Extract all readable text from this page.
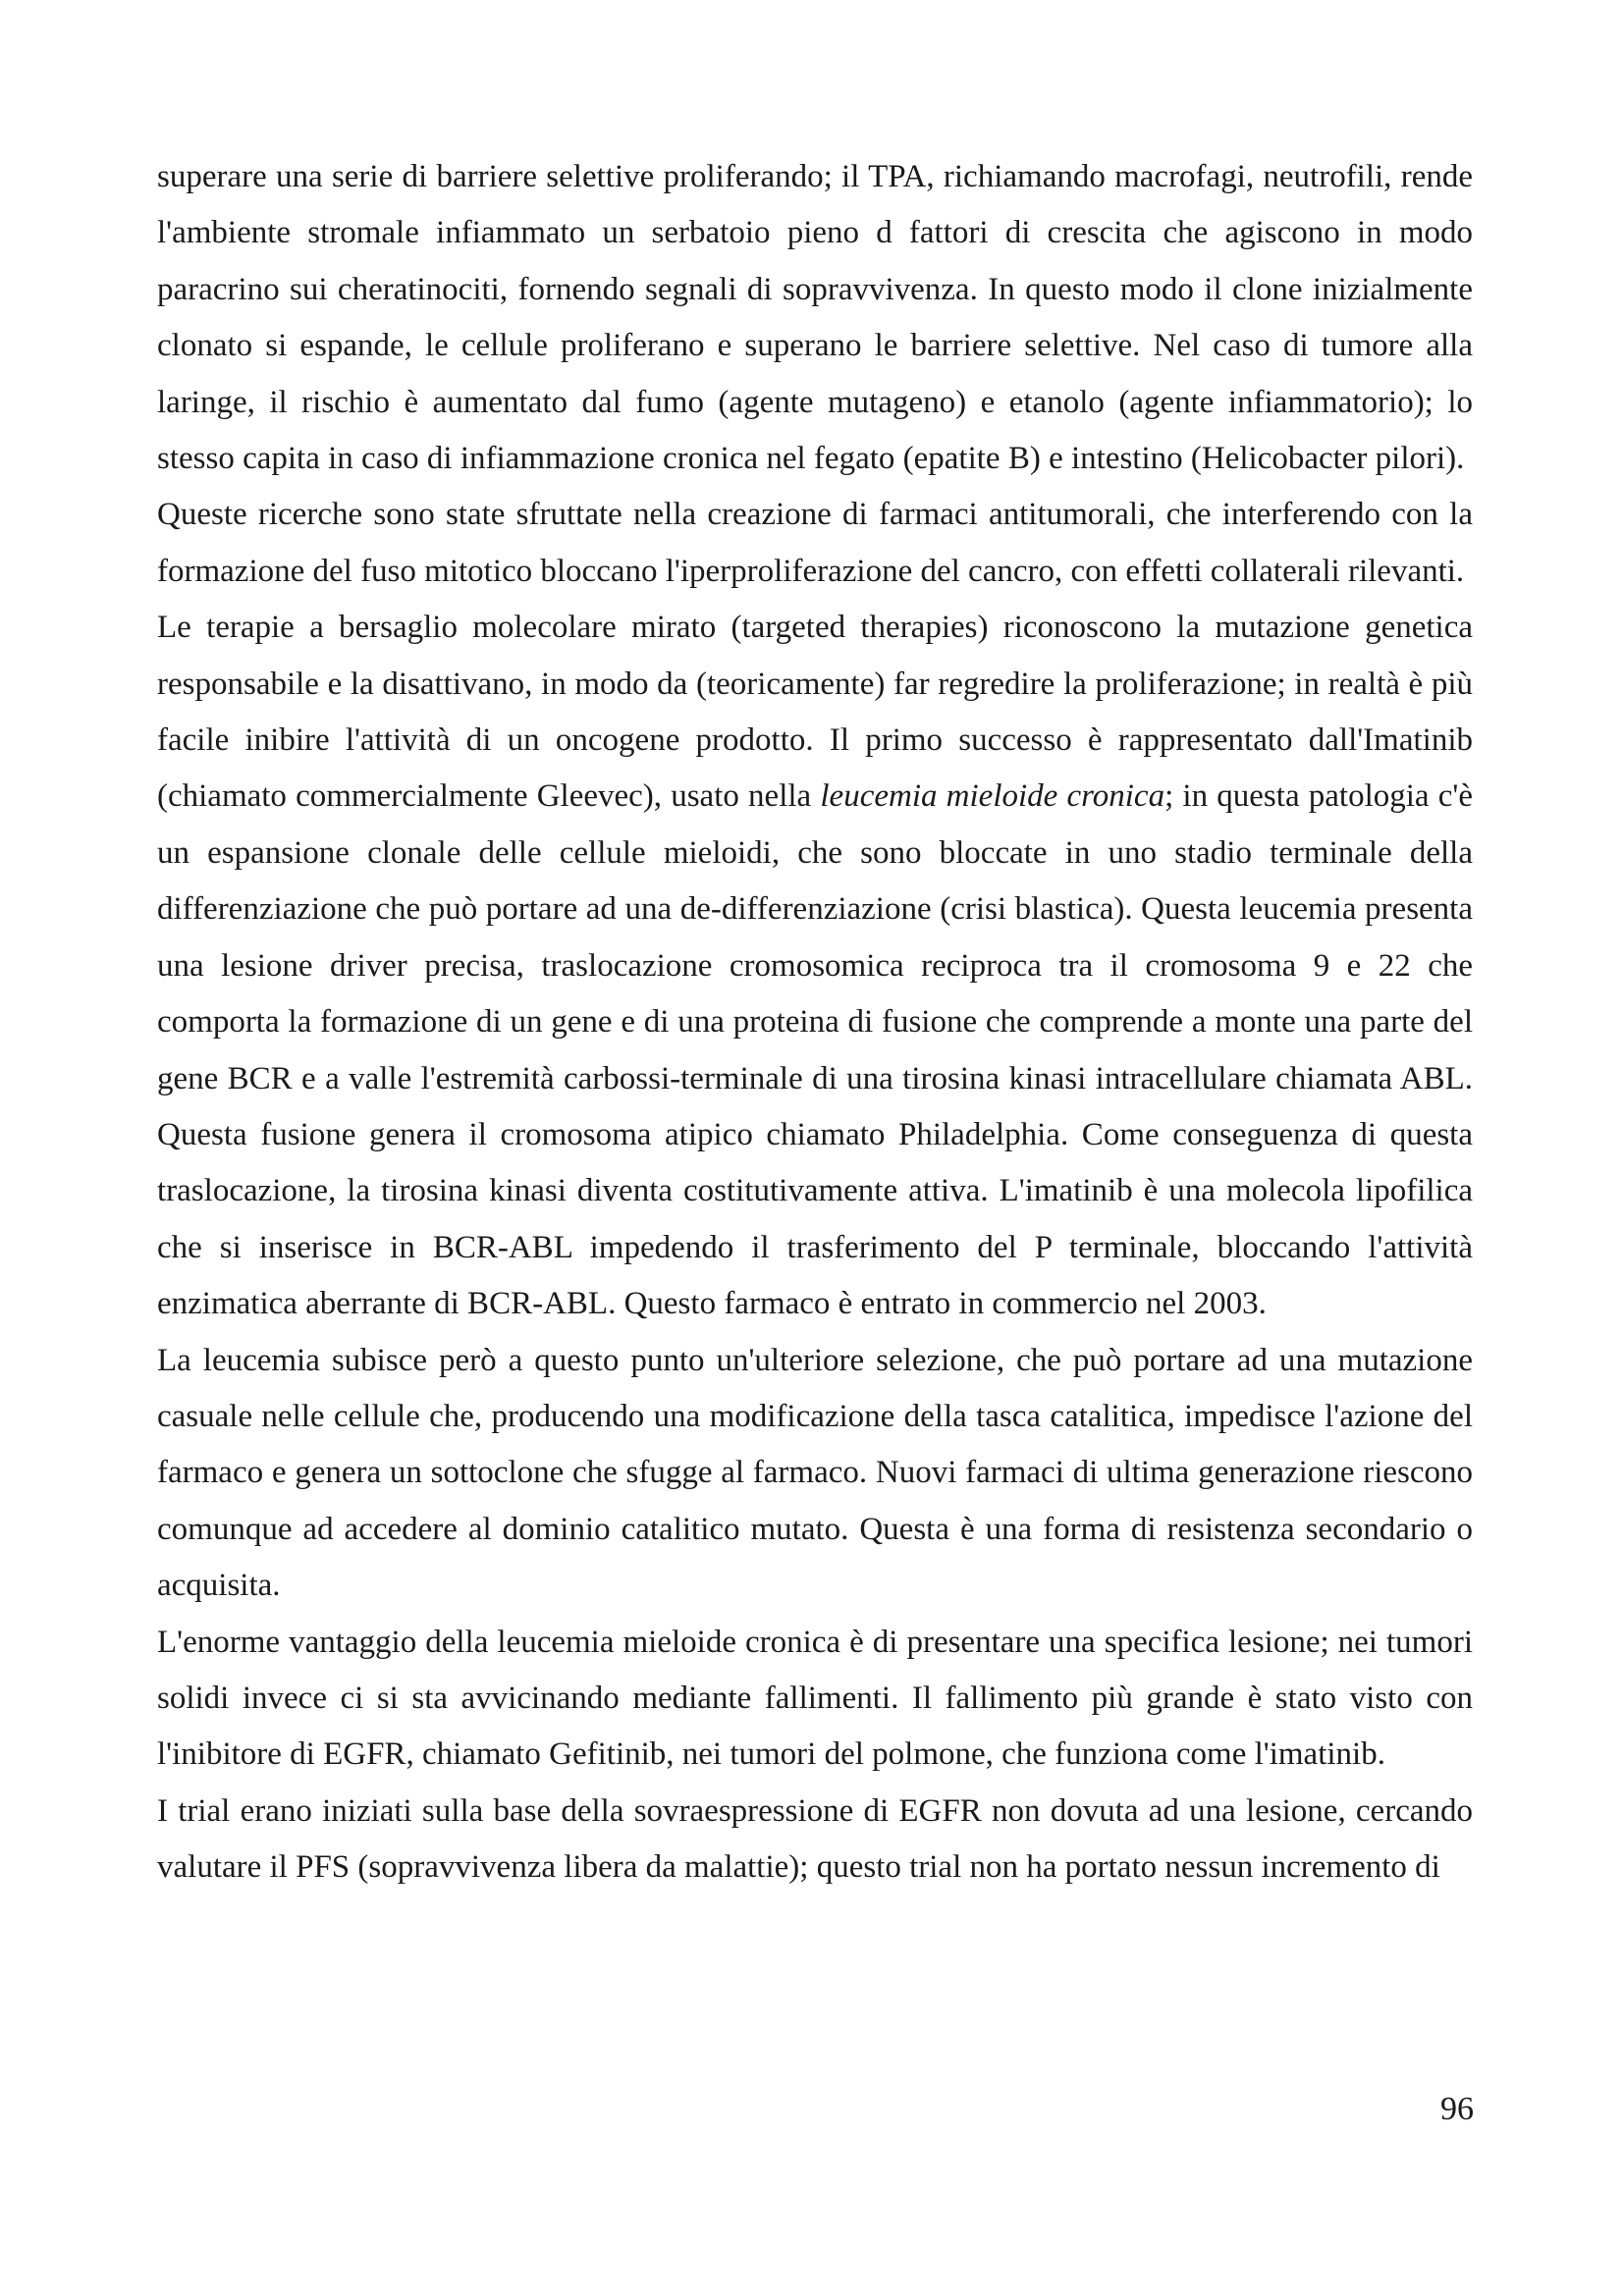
superare una serie di barriere selettive proliferando; il TPA, richiamando macrofagi, neutrofili, rende l'ambiente stromale infiammato un serbatoio pieno d fattori di crescita che agiscono in modo paracrino sui cheratinociti, fornendo segnali di sopravvivenza. In questo modo il clone inizialmente clonato si espande, le cellule proliferano e superano le barriere selettive. Nel caso di tumore alla laringe, il rischio è aumentato dal fumo (agente mutageno) e etanolo (agente infiammatorio); lo stesso capita in caso di infiammazione cronica nel fegato (epatite B) e intestino (Helicobacter pilori).

Queste ricerche sono state sfruttate nella creazione di farmaci antitumorali, che interferendo con la formazione del fuso mitotico bloccano l'iperproliferazione del cancro, con effetti collaterali rilevanti.

Le terapie a bersaglio molecolare mirato (targeted therapies) riconoscono la mutazione genetica responsabile e la disattivano, in modo da (teoricamente) far regredire la proliferazione; in realtà è più facile inibire l'attività di un oncogene prodotto. Il primo successo è rappresentato dall'Imatinib (chiamato commercialmente Gleevec), usato nella leucemia mieloide cronica; in questa patologia c'è un espansione clonale delle cellule mieloidi, che sono bloccate in uno stadio terminale della differenziazione che può portare ad una de-differenziazione (crisi blastica). Questa leucemia presenta una lesione driver precisa, traslocazione cromosomica reciproca tra il cromosoma 9 e 22 che comporta la formazione di un gene e di una proteina di fusione che comprende a monte una parte del gene BCR e a valle l'estremità carbossi-terminale di una tirosina kinasi intracellulare chiamata ABL. Questa fusione genera il cromosoma atipico chiamato Philadelphia. Come conseguenza di questa traslocazione, la tirosina kinasi diventa costitutivamente attiva. L'imatinib è una molecola lipofilica che si inserisce in BCR-ABL impedendo il trasferimento del P terminale, bloccando l'attività enzimatica aberrante di BCR-ABL. Questo farmaco è entrato in commercio nel 2003.

La leucemia subisce però a questo punto un'ulteriore selezione, che può portare ad una mutazione casuale nelle cellule che, producendo una modificazione della tasca catalitica, impedisce l'azione del farmaco e genera un sottoclone che sfugge al farmaco. Nuovi farmaci di ultima generazione riescono comunque ad accedere al dominio catalitico mutato. Questa è una forma di resistenza secondario o acquisita.

L'enorme vantaggio della leucemia mieloide cronica è di presentare una specifica lesione; nei tumori solidi invece ci si sta avvicinando mediante fallimenti. Il fallimento più grande è stato visto con l'inibitore di EGFR, chiamato Gefitinib, nei tumori del polmone, che funziona come l'imatinib.

I trial erano iniziati sulla base della sovraespressione di EGFR non dovuta ad una lesione, cercando valutare il PFS (sopravvivenza libera da malattie); questo trial non ha portato nessun incremento di

96
